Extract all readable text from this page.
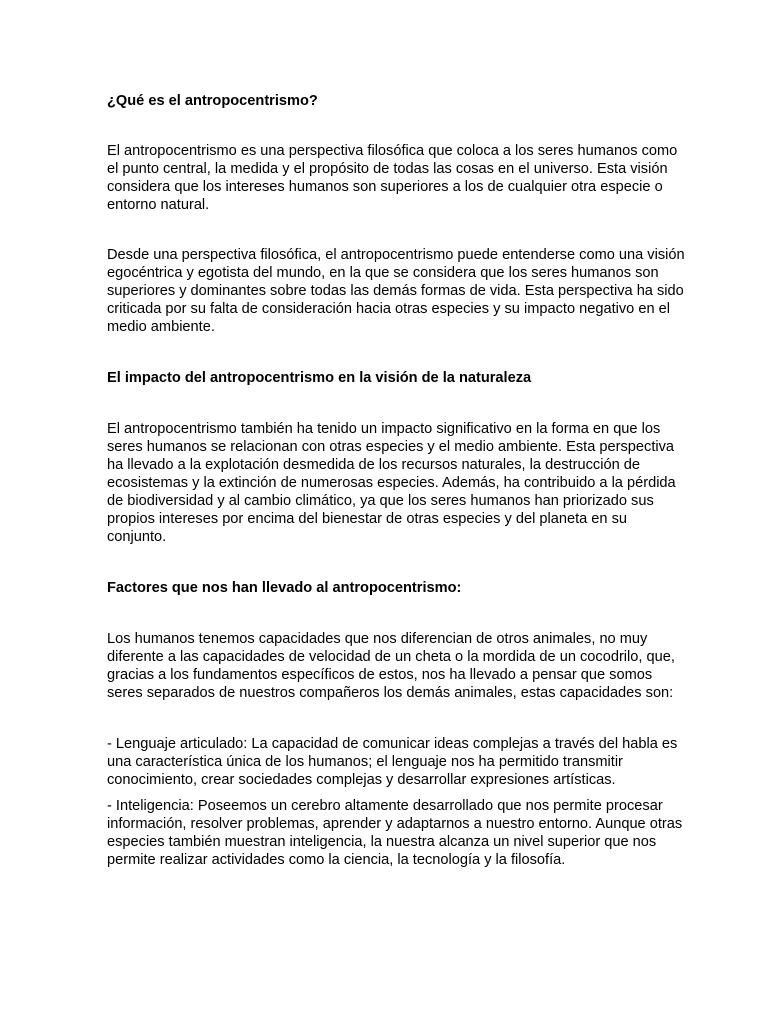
¿Qué es el antropocentrismo?

El antropocentrismo es una perspectiva filosófica que coloca a los seres humanos como el punto central, la medida y el propósito de todas las cosas en el universo. Esta visión considera que los intereses humanos son superiores a los de cualquier otra especie o entorno natural.

Desde una perspectiva filosófica, el antropocentrismo puede entenderse como una visión egocéntrica y egotista del mundo, en la que se considera que los seres humanos son superiores y dominantes sobre todas las demás formas de vida. Esta perspectiva ha sido criticada por su falta de consideración hacia otras especies y su impacto negativo en el medio ambiente.

El impacto del antropocentrismo en la visión de la naturaleza

El antropocentrismo también ha tenido un impacto significativo en la forma en que los seres humanos se relacionan con otras especies y el medio ambiente. Esta perspectiva ha llevado a la explotación desmedida de los recursos naturales, la destrucción de ecosistemas y la extinción de numerosas especies. Además, ha contribuido a la pérdida de biodiversidad y al cambio climático, ya que los seres humanos han priorizado sus propios intereses por encima del bienestar de otras especies y del planeta en su conjunto.

Factores que nos han llevado al antropocentrismo:

Los humanos tenemos capacidades que nos diferencian de otros animales, no muy diferente a las capacidades de velocidad de un cheta o la mordida de un cocodrilo, que, gracias a los fundamentos específicos de estos, nos ha llevado a pensar que somos seres separados de nuestros compañeros los demás animales, estas capacidades son:

- Lenguaje articulado: La capacidad de comunicar ideas complejas a través del habla es una característica única de los humanos; el lenguaje nos ha permitido transmitir conocimiento, crear sociedades complejas y desarrollar expresiones artísticas.

- Inteligencia: Poseemos un cerebro altamente desarrollado que nos permite procesar información, resolver problemas, aprender y adaptarnos a nuestro entorno. Aunque otras especies también muestran inteligencia, la nuestra alcanza un nivel superior que nos permite realizar actividades como la ciencia, la tecnología y la filosofía.
